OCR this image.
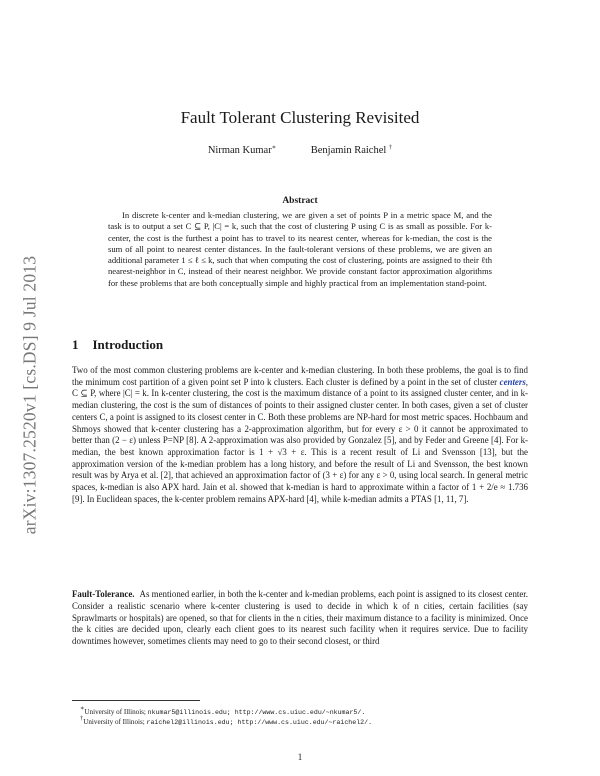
arXiv:1307.2520v1 [cs.DS] 9 Jul 2013
Fault Tolerant Clustering Revisited
Nirman Kumar∗	Benjamin Raichel †
Abstract

In discrete k-center and k-median clustering, we are given a set of points P in a metric space M, and the task is to output a set C ⊆ P, |C| = k, such that the cost of clustering P using C is as small as possible. For k-center, the cost is the furthest a point has to travel to its nearest center, whereas for k-median, the cost is the sum of all point to nearest center distances. In the fault-tolerant versions of these problems, we are given an additional parameter 1 ≤ ℓ ≤ k, such that when computing the cost of clustering, points are assigned to their ℓth nearest-neighbor in C, instead of their nearest neighbor. We provide constant factor approximation algorithms for these problems that are both conceptually simple and highly practical from an implementation stand-point.

1 Introduction

Two of the most common clustering problems are k-center and k-median clustering. In both these problems, the goal is to find the minimum cost partition of a given point set P into k clusters. Each cluster is defined by a point in the set of cluster centers, C ⊆ P, where |C| = k. In k-center clustering, the cost is the maximum distance of a point to its assigned cluster center, and in k-median clustering, the cost is the sum of distances of points to their assigned cluster center. In both cases, given a set of cluster centers C, a point is assigned to its closest center in C. Both these problems are NP-hard for most metric spaces. Hochbaum and Shmoys showed that k-center clustering has a 2-approximation algorithm, but for every ε > 0 it cannot be approximated to better than (2 − ε) unless P=NP [8]. A 2-approximation was also provided by Gonzalez [5], and by Feder and Greene [4]. For k-median, the best known approximation factor is 1 + √3 + ε. This is a recent result of Li and Svensson [13], but the approximation version of the k-median problem has a long history, and before the result of Li and Svensson, the best known result was by Arya et al. [2], that achieved an approximation factor of (3 + ε) for any ε > 0, using local search. In general metric spaces, k-median is also APX hard. Jain et al. showed that k-median is hard to approximate within a factor of 1 + 2/e ≈ 1.736 [9]. In Euclidean spaces, the k-center problem remains APX-hard [4], while k-median admits a PTAS [1, 11, 7].

Fault-Tolerance. As mentioned earlier, in both the k-center and k-median problems, each point is assigned to its closest center. Consider a realistic scenario where k-center clustering is used to decide in which k of n cities, certain facilities (say Sprawlmarts or hospitals) are opened, so that for clients in the n cities, their maximum distance to a facility is minimized. Once the k cities are decided upon, clearly each client goes to its nearest such facility when it requires service. Due to facility downtimes however, sometimes clients may need to go to their second closest, or third

∗University of Illinois; nkumar5@illinois.edu; http://www.cs.uiuc.edu/~nkumar5/.

†University of Illinois; raichel2@illinois.edu; http://www.cs.uiuc.edu/~raichel2/.

1
